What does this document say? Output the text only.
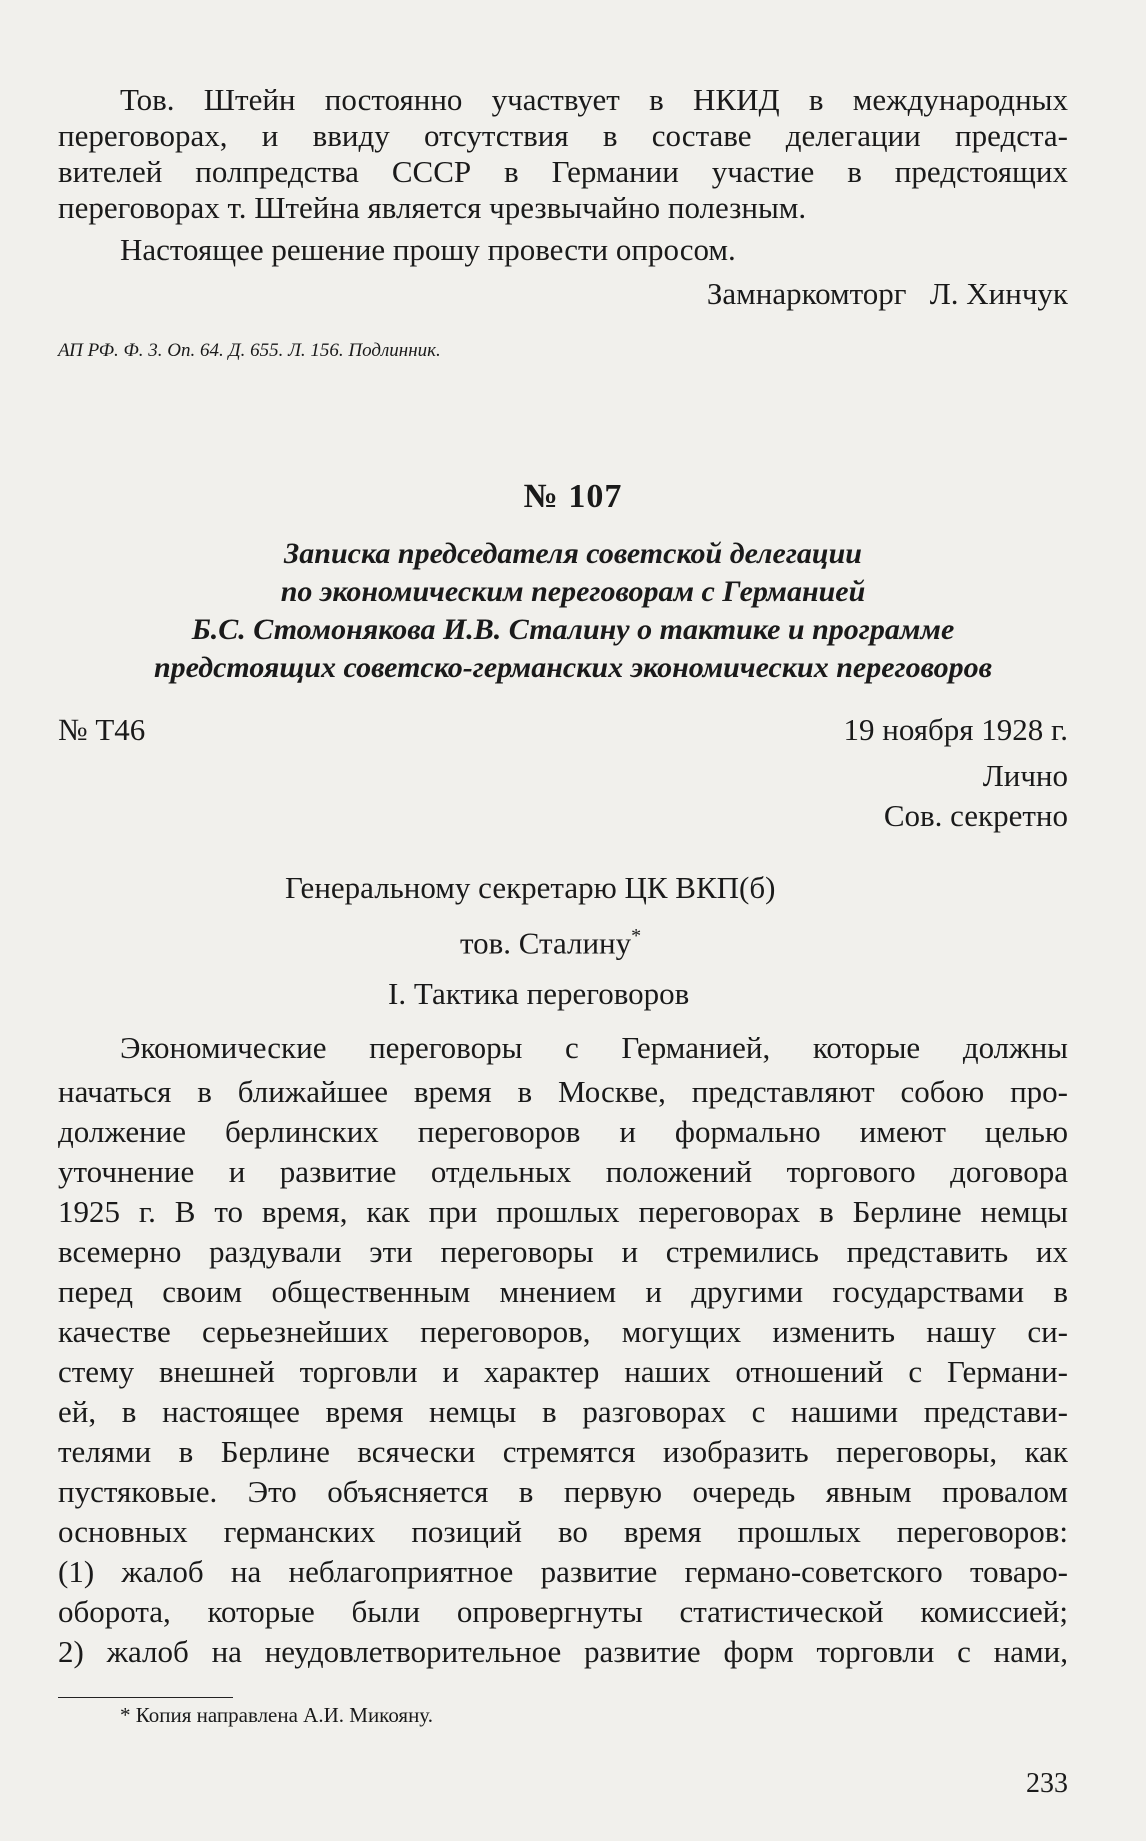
Тов. Штейн постоянно участвует в НКИД в международных
переговорах, и ввиду отсутствия в составе делегации предста-
вителей полпредства СССР в Германии участие в предстоящих
переговорах т. Штейна является чрезвычайно полезным.
Настоящее решение прошу провести опросом.
Замнаркомторг   Л. Хинчук
АП РФ. Ф. 3. Оп. 64. Д. 655. Л. 156. Подлинник.
№ 107
Записка председателя советской делегации
по экономическим переговорам с Германией
Б.С. Стомонякова И.В. Сталину о тактике и программе
предстоящих советско-германских экономических переговоров
№ Т46	19 ноября 1928 г.
Лично
Сов. секретно
Генеральному секретарю ЦК ВКП(б)
тов. Сталину*
I. Тактика переговоров
Экономические переговоры с Германией, которые должны
начаться в ближайшее время в Москве, представляют собою про-
должение берлинских переговоров и формально имеют целью
уточнение и развитие отдельных положений торгового договора
1925 г. В то время, как при прошлых переговорах в Берлине немцы
всемерно раздували эти переговоры и стремились представить их
перед своим общественным мнением и другими государствами в
качестве серьезнейших переговоров, могущих изменить нашу си-
стему внешней торговли и характер наших отношений с Германи-
ей, в настоящее время немцы в разговорах с нашими представи-
телями в Берлине всячески стремятся изобразить переговоры, как
пустяковые. Это объясняется в первую очередь явным провалом
основных германских позиций во время прошлых переговоров:
(1) жалоб на неблагоприятное развитие германо-советского товаро-
оборота, которые были опровергнуты статистической комиссией;
2) жалоб на неудовлетворительное развитие форм торговли с нами,
* Копия направлена А.И. Микояну.
233
